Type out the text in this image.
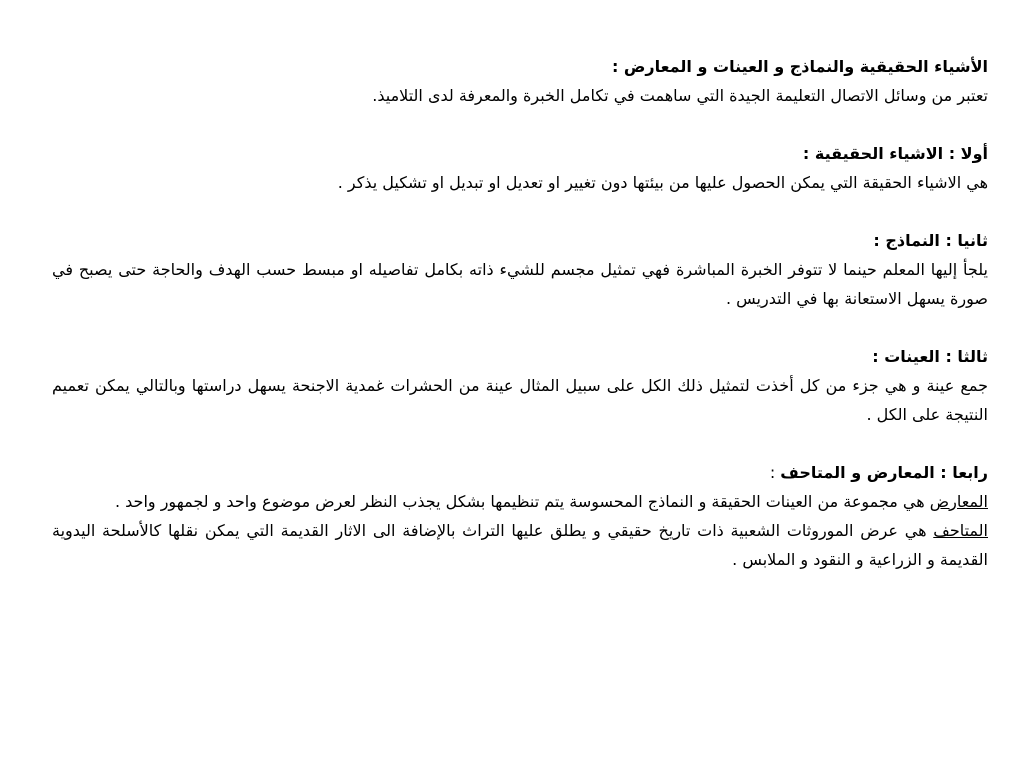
الأشياء الحقيقية والنماذج و العينات و المعارض :
تعتبر من وسائل الاتصال التعليمة الجيدة التي ساهمت في تكامل الخبرة والمعرفة لدى التلاميذ.
أولا : الاشياء الحقيقية :
هي الاشياء الحقيقة التي يمكن الحصول عليها من بيئتها دون تغيير او تعديل او تبديل او تشكيل يذكر .
ثانيا : النماذج :
يلجأ إليها المعلم حينما لا تتوفر الخبرة المباشرة فهي تمثيل مجسم للشيء ذاته بكامل تفاصيله او مبسط حسب الهدف والحاجة حتى يصبح في صورة يسهل الاستعانة بها في التدريس .
ثالثا : العينات :
جمع عينة و هي جزء من كل أخذت لتمثيل ذلك الكل على سبيل المثال عينة من الحشرات غمدية الاجنحة يسهل دراستها وبالتالي يمكن تعميم النتيجة على الكل .
رابعا : المعارض و المتاحف :
المعارض هي مجموعة من العينات الحقيقة و النماذج المحسوسة يتم تنظيمها بشكل يجذب النظر لعرض موضوع واحد و لجمهور واحد .
المتاحف هي عرض الموروثات الشعبية ذات تاريخ حقيقي و يطلق عليها التراث بالإضافة الى الاثار القديمة التي يمكن نقلها كالأسلحة اليدوية القديمة و الزراعية و النقود و الملابس .
